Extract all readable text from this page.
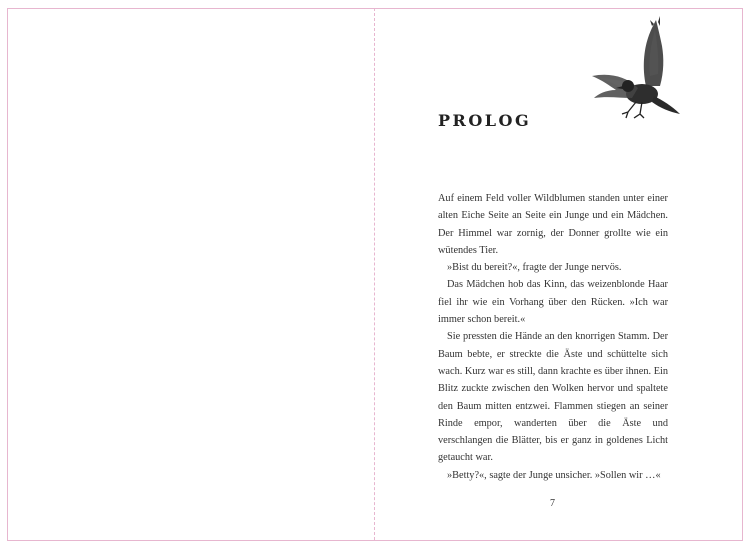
PROLOG

Auf einem Feld voller Wildblumen standen unter einer alten Eiche Seite an Seite ein Junge und ein Mädchen. Der Himmel war zornig, der Donner grollte wie ein wütendes Tier.

»Bist du bereit?«, fragte der Junge nervös.

Das Mädchen hob das Kinn, das weizenblonde Haar fiel ihr wie ein Vorhang über den Rücken. »Ich war immer schon bereit.«

Sie pressten die Hände an den knorrigen Stamm. Der Baum bebte, er streckte die Äste und schüttelte sich wach. Kurz war es still, dann krachte es über ihnen. Ein Blitz zuckte zwischen den Wolken hervor und spaltete den Baum mitten entzwei. Flammen stiegen an seiner Rinde empor, wanderten über die Äste und verschlangen die Blätter, bis er ganz in goldenes Licht getaucht war.

»Betty?«, sagte der Junge unsicher. »Sollen wir …«

7
